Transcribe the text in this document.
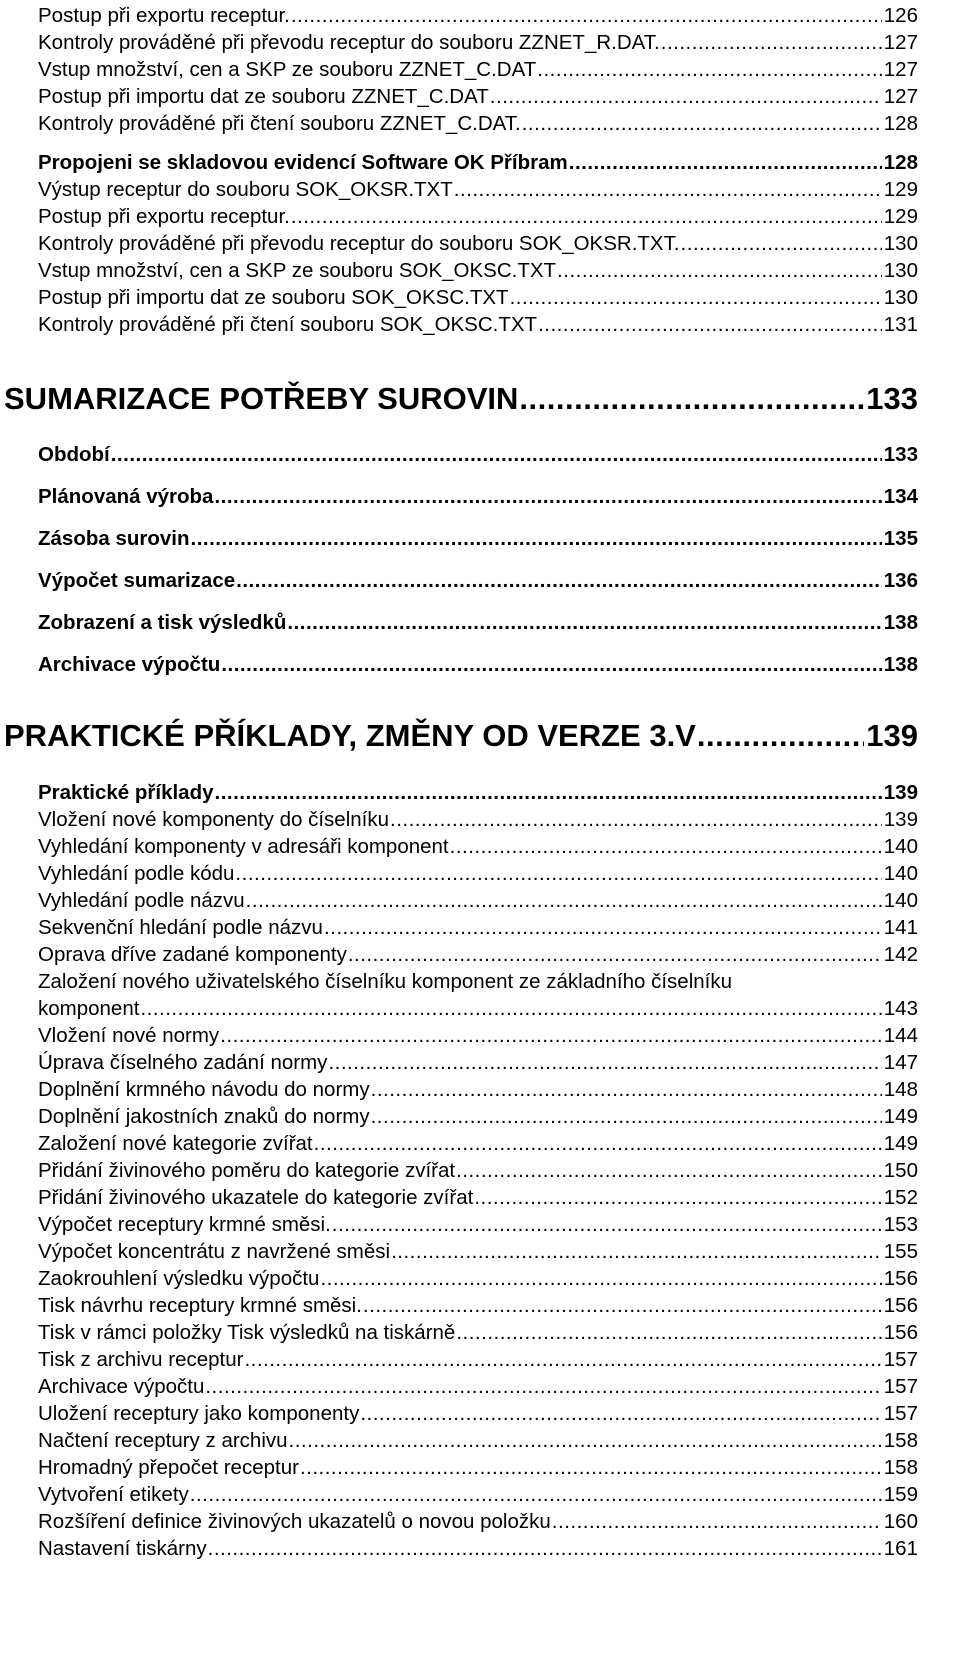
Postup při exportu receptur. .....	126
Kontroly prováděné při převodu receptur do souboru ZZNET_R.DAT. .....	127
Vstup množství, cen a SKP ze souboru ZZNET_C.DAT .....	127
Postup při importu dat ze souboru ZZNET_C.DAT .....	127
Kontroly prováděné při čtení souboru ZZNET_C.DAT. .....	128
Propojeni se skladovou evidencí Software OK Příbram .....	128
Výstup receptur do souboru SOK_OKSR.TXT .....	129
Postup při exportu receptur. .....	129
Kontroly prováděné při převodu receptur do souboru SOK_OKSR.TXT. .....	130
Vstup množství, cen a SKP ze souboru SOK_OKSC.TXT .....	130
Postup při importu dat ze souboru SOK_OKSC.TXT .....	130
Kontroly prováděné při čtení souboru SOK_OKSC.TXT .....	131
SUMARIZACE POTŘEBY SUROVIN .....	133
Období .....	133
Plánovaná výroba .....	134
Zásoba surovin .....	135
Výpočet sumarizace .....	136
Zobrazení a tisk výsledků .....	138
Archivace výpočtu .....	138
PRAKTICKÉ PŘÍKLADY, ZMĚNY OD VERZE 3.V .....	139
Praktické příklady .....	139
Vložení nové komponenty do číselníku .....	139
Vyhledání komponenty v adresáři komponent .....	140
Vyhledání podle kódu .....	140
Vyhledání podle názvu .....	140
Sekvenční hledání podle názvu .....	141
Oprava dříve zadané komponenty .....	142
Založení nového uživatelského číselníku komponent ze základního číselníku
komponent .....	143
Vložení nové normy .....	144
Úprava číselného zadání normy .....	147
Doplnění krmného návodu do normy .....	148
Doplnění jakostních znaků do normy .....	149
Založení nové kategorie zvířat .....	149
Přidání živinového poměru do kategorie zvířat .....	150
Přidání živinového ukazatele do kategorie zvířat .....	152
Výpočet receptury krmné směsi. .....	153
Výpočet koncentrátu z navržené směsi .....	155
Zaokrouhlení výsledku výpočtu .....	156
Tisk návrhu receptury krmné směsi. .....	156
Tisk v rámci položky Tisk výsledků na tiskárně .....	156
Tisk z archivu receptur .....	157
Archivace výpočtu .....	157
Uložení receptury jako komponenty .....	157
Načtení receptury z archivu .....	158
Hromadný přepočet receptur .....	158
Vytvoření etikety .....	159
Rozšíření definice živinových ukazatelů o novou položku .....	160
Nastavení tiskárny .....	161
